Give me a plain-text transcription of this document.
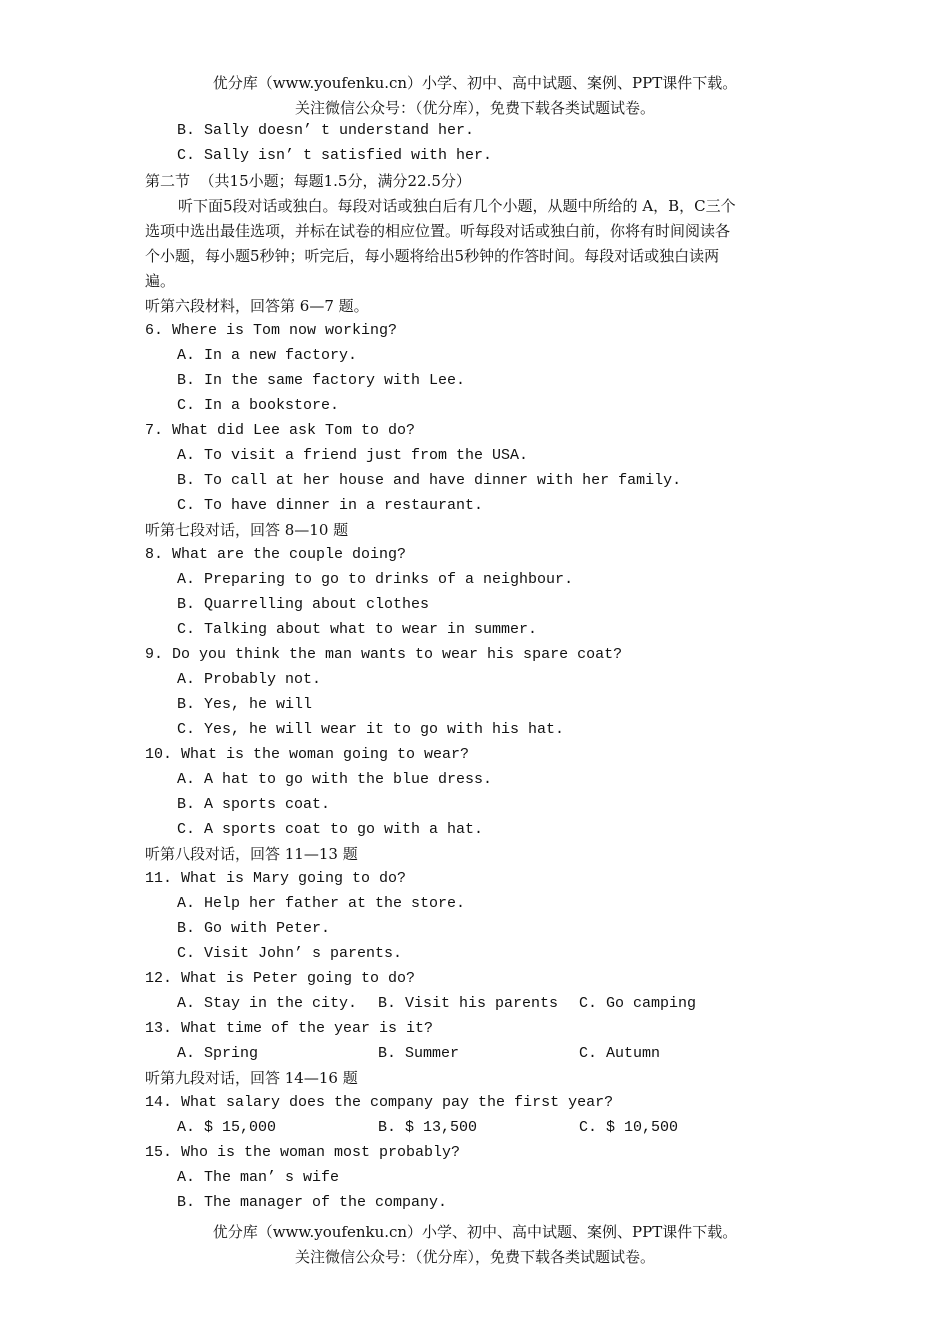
优分库（www.youfenku.cn）小学、初中、高中试题、案例、PPT课件下载。
关注微信公众号：（优分库），免费下载各类试题试卷。
B. Sally doesn’ t understand her.
C. Sally isn’ t satisfied with her.
第二节  （共15小题；每题1.5分，满分22.5分）
听下面5段对话或独白。每段对话或独白后有几个小题，从题中所给的 A，B，C三个
选项中选出最佳选项，并标在试卷的相应位置。听每段对话或独白前，你将有时间阅读各
个小题，每小题5秒钟；听完后，每小题将给出5秒钟的作答时间。每段对话或独白读两
遍。
听第六段材料，回答第 6—7 题。
6. Where is Tom now working?
A. In a new factory.
B. In the same factory with Lee.
C. In a bookstore.
7. What did Lee ask Tom to do?
A. To visit a friend just from the USA.
B. To call at her house and have dinner with her family.
C. To have dinner in a restaurant.
听第七段对话，回答 8—10 题
8. What are the couple doing?
A. Preparing to go to drinks of a neighbour.
B. Quarrelling about clothes
C. Talking about what to wear in summer.
9. Do you think the man wants to wear his spare coat?
A. Probably not.
B. Yes, he will
C. Yes, he will wear it to go with his hat.
10. What is the woman going to wear?
A. A hat to go with the blue dress.
B. A sports coat.
C. A sports coat to go with a hat.
听第八段对话，回答 11—13 题
11. What is Mary going to do?
A. Help her father at the store.
B. Go with Peter.
C. Visit John’ s parents.
12. What is Peter going to do?
A. Stay in the city. B. Visit his parents C. Go camping
13. What time of the year is it?
A. Spring	B. Summer	C. Autumn
听第九段对话，回答 14—16 题
14. What salary does the company pay the first year?
A. $ 15,000	B. $ 13,500	C. $ 10,500
15. Who is the woman most probably?
A. The man’ s wife
B. The manager of the company.
优分库（www.youfenku.cn）小学、初中、高中试题、案例、PPT课件下载。
关注微信公众号：（优分库），免费下载各类试题试卷。
